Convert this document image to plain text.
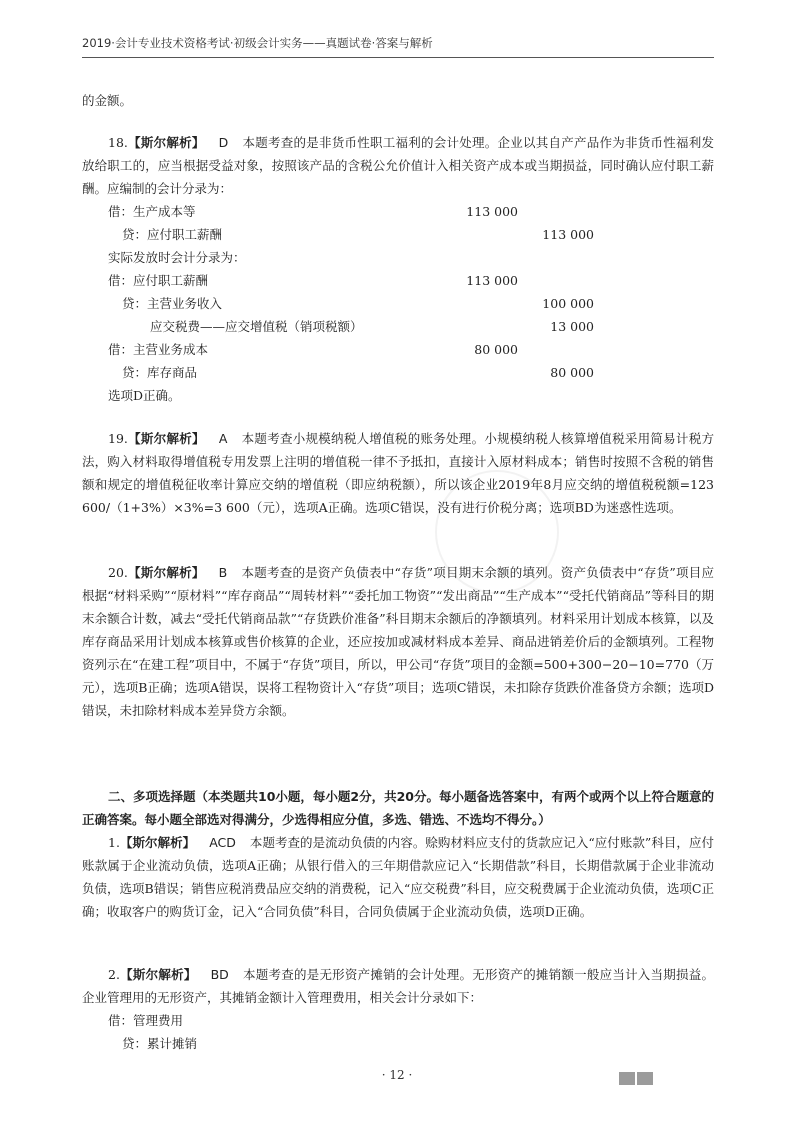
2019·会计专业技术资格考试·初级会计实务——真题试卷·答案与解析

的金额。

18.【斯尔解析】 D 本题考查的是非货币性职工福利的会计处理。企业以其自产产品作为非货币性福利发放给职工的，应当根据受益对象，按照该产品的含税公允价值计入相关资产成本或当期损益，同时确认应付职工薪酬。应编制的会计分录为：

借：生产成本等	113 000
贷：应付职工薪酬	113 000
实际发放时会计分录为：
借：应付职工薪酬	113 000
贷：主营业务收入	100 000
应交税费——应交增值税（销项税额）	13 000
借：主营业务成本	80 000
贷：库存商品	80 000
选项D正确。

19.【斯尔解析】 A 本题考查小规模纳税人增值税的账务处理。小规模纳税人核算增值税采用简易计税方法，购入材料取得增值税专用发票上注明的增值税一律不予抵扣，直接计入原材料成本；销售时按照不含税的销售额和规定的增值税征收率计算应交纳的增值税（即应纳税额），所以该企业2019年8月应交纳的增值税税额=123 600/（1+3%）×3%=3 600（元），选项A正确。选项C错误，没有进行价税分离；选项BD为迷惑性选项。

20.【斯尔解析】 B 本题考查的是资产负债表中“存货”项目期末余额的填列。资产负债表中“存货”项目应根据“材料采购”“原材料”“库存商品”“周转材料”“委托加工物资”“发出商品”“生产成本”“受托代销商品”等科目的期末余额合计数，减去“受托代销商品款”“存货跌价准备”科目期末余额后的净额填列。材料采用计划成本核算，以及库存商品采用计划成本核算或售价核算的企业，还应按加或减材料成本差异、商品进销差价后的金额填列。工程物资列示在“在建工程”项目中，不属于“存货”项目，所以，甲公司“存货”项目的金额=500+300−20−10=770（万元），选项B正确；选项A错误，误将工程物资计入“存货”项目；选项C错误，未扣除存货跌价准备贷方余额；选项D错误，未扣除材料成本差异贷方余额。

二、多项选择题（本类题共10小题，每小题2分，共20分。每小题备选答案中，有两个或两个以上符合题意的正确答案。每小题全部选对得满分，少选得相应分值，多选、错选、不选均不得分。）

1.【斯尔解析】 ACD 本题考查的是流动负债的内容。赊购材料应支付的货款应记入“应付账款”科目，应付账款属于企业流动负债，选项A正确；从银行借入的三年期借款应记入“长期借款”科目，长期借款属于企业非流动负债，选项B错误；销售应税消费品应交纳的消费税，记入“应交税费”科目，应交税费属于企业流动负债，选项C正确；收取客户的购货订金，记入“合同负债”科目，合同负债属于企业流动负债，选项D正确。

2.【斯尔解析】 BD 本题考查的是无形资产摊销的会计处理。无形资产的摊销额一般应当计入当期损益。企业管理用的无形资产，其摊销金额计入管理费用，相关会计分录如下：

借：管理费用
贷：累计摊销
· 12 ·
